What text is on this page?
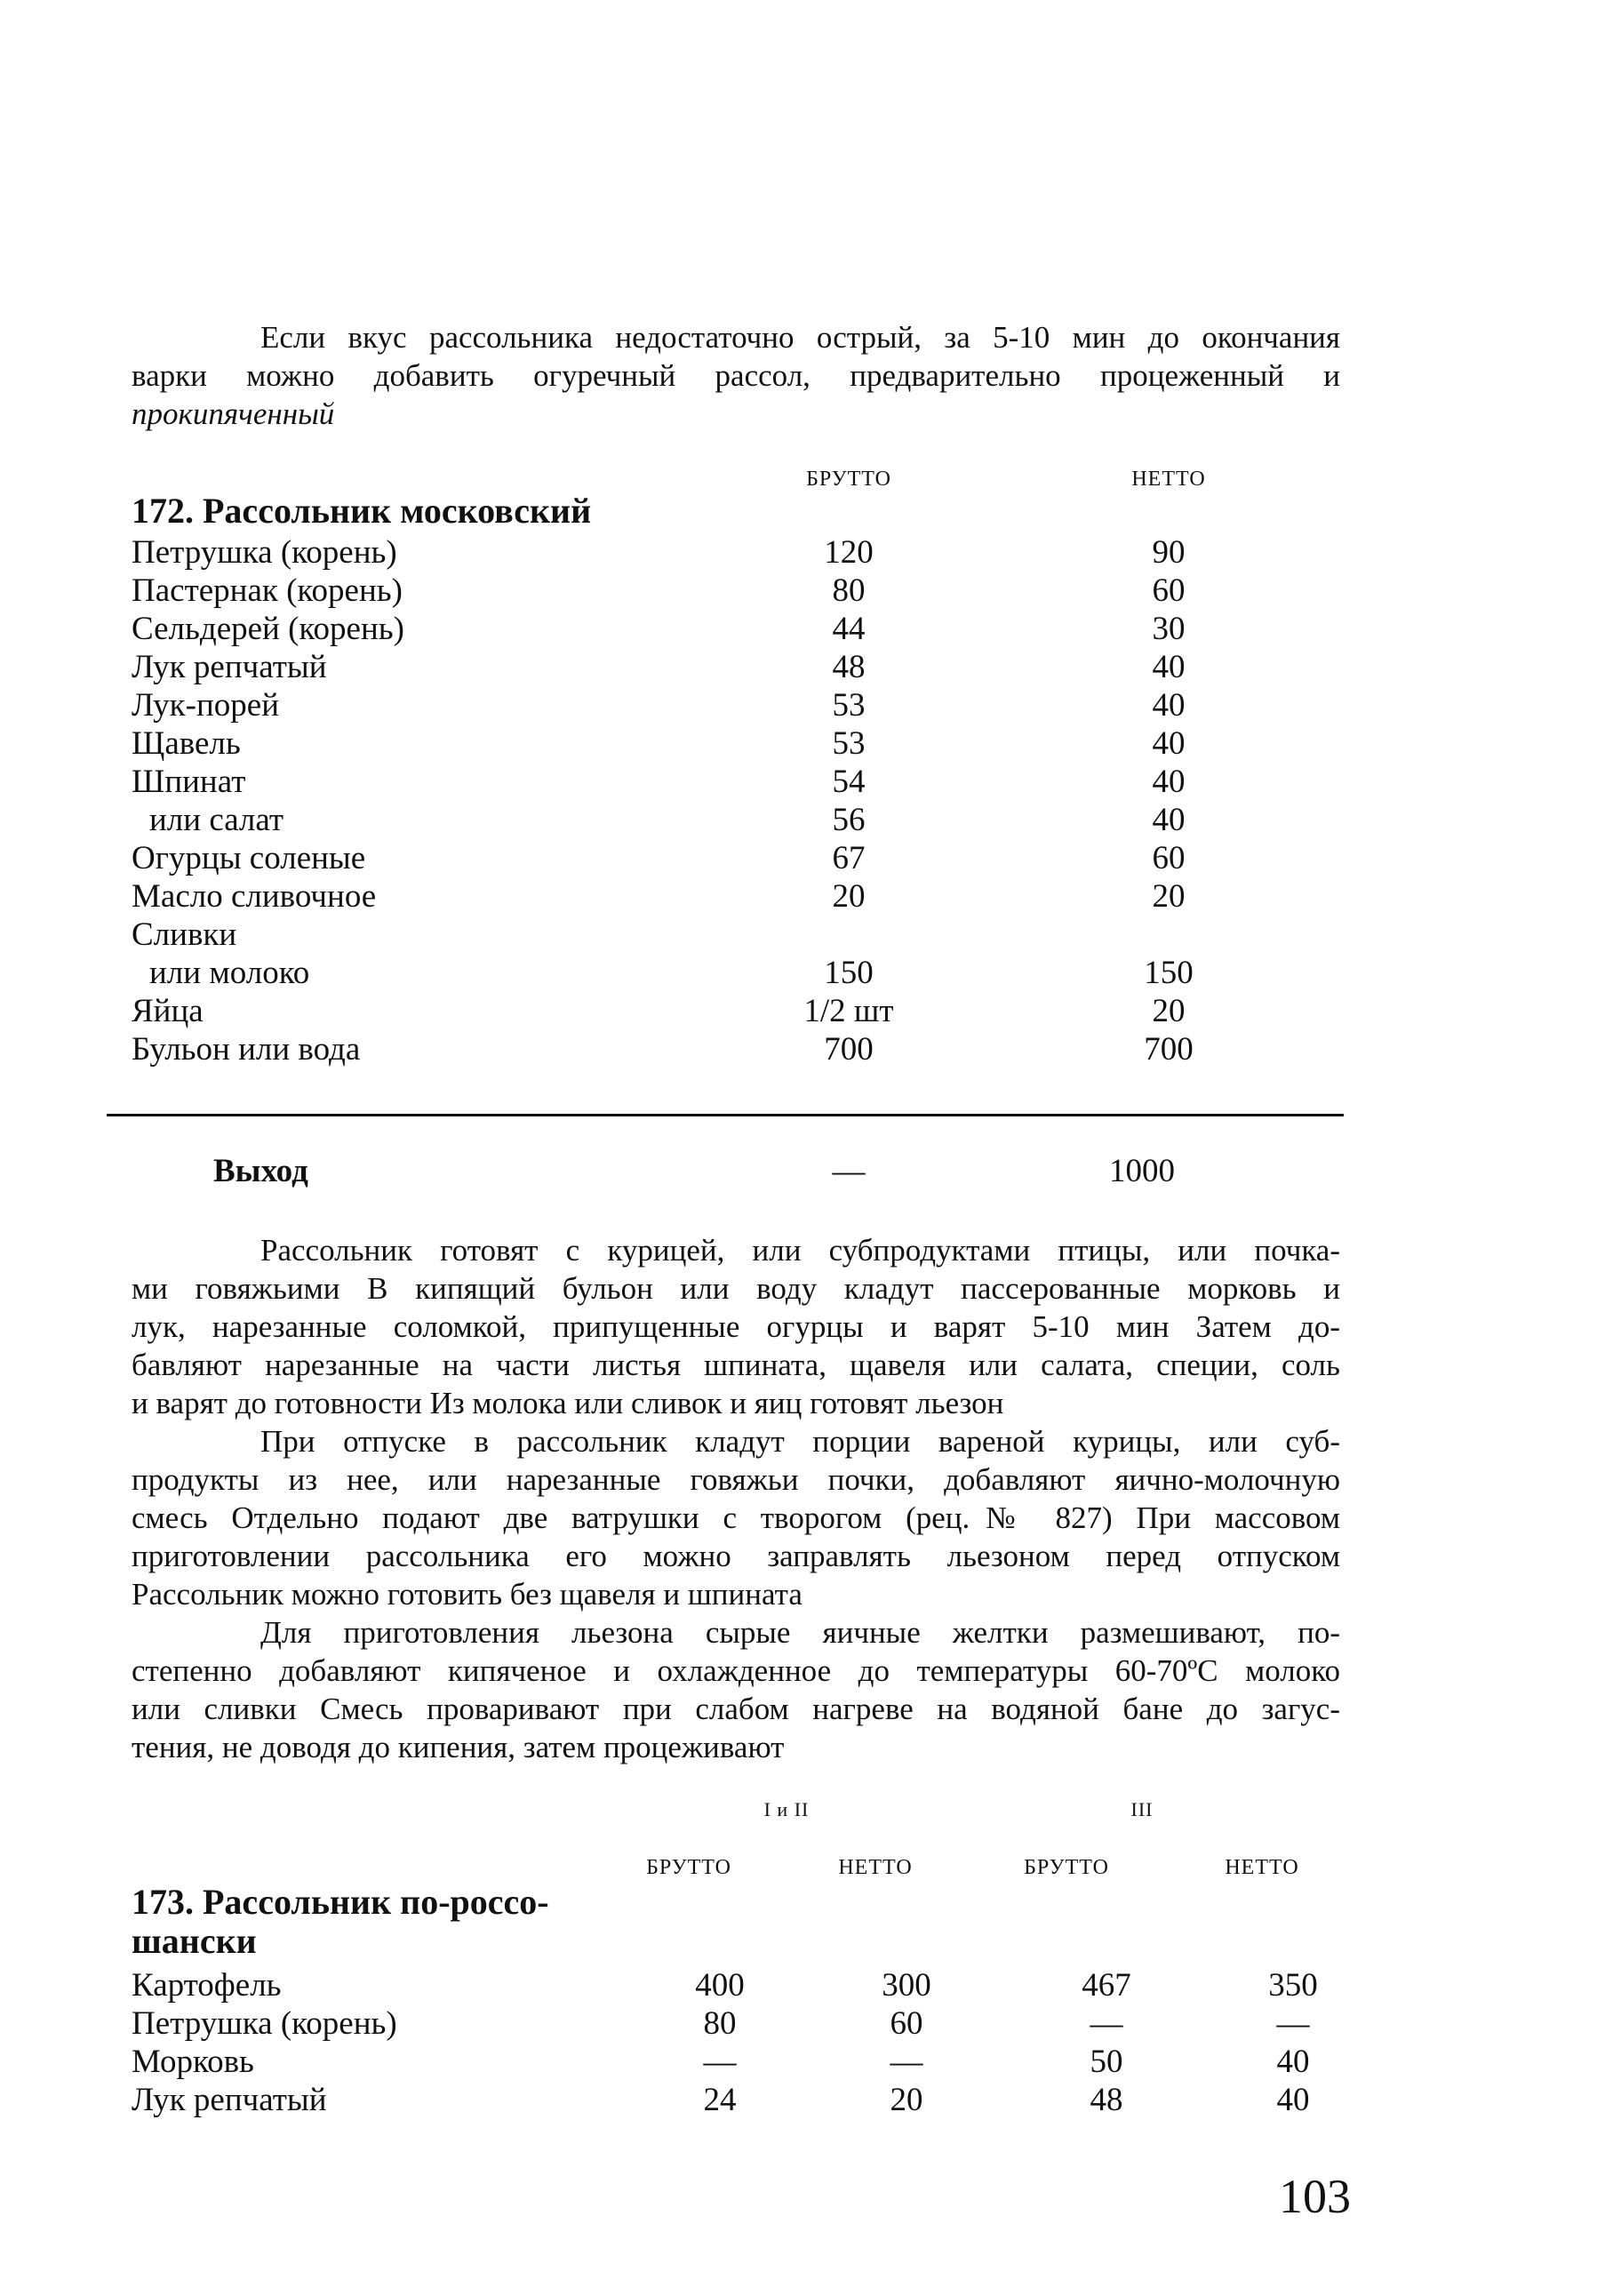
Если вкус рассольника недостаточно острый, за 5-10 мин до окончания
варки можно добавить огуречный рассол, предварительно процеженный и
прокипяченный
БРУТТО	НЕТТО
172. Рассольник московский
Петрушка (корень)	120	90
Пастернак (корень)	80	60
Сельдерей (корень)	44	30
Лук репчатый	48	40
Лук-порей	53	40
Щавель	53	40
Шпинат	54	40
или салат	56	40
Огурцы соленые	67	60
Масло сливочное	20	20
Сливки
или молоко	150	150
Яйца	1/2 шт	20
Бульон или вода	700	700
Выход	—	1000
Рассольник готовят с курицей, или субпродуктами птицы, или почка-
ми говяжьими В кипящий бульон или воду кладут пассерованные морковь и
лук, нарезанные соломкой, припущенные огурцы и варят 5-10 мин Затем до-
бавляют нарезанные на части листья шпината, щавеля или салата, специи, соль
и варят до готовности Из молока или сливок и яиц готовят льезон
При отпуске в рассольник кладут порции вареной курицы, или суб-
продукты из нее, или нарезанные говяжьи почки, добавляют яично-молочную
смесь Отдельно подают две ватрушки с творогом (рец.№ 827) При массовом
приготовлении рассольника его можно заправлять льезоном перед отпуском
Рассольник можно готовить без щавеля и шпината
Для приготовления льезона сырые яичные желтки размешивают, по-
степенно добавляют кипяченое и охлажденное до температуры 60-70ºС молоко
или сливки Смесь проваривают при слабом нагреве на водяной бане до загус-
тения, не доводя до кипения, затем процеживают
I и II	III
БРУТТО	НЕТТО	БРУТТО	НЕТТО
173. Рассольник по-россо-
шански
Картофель	400	300	467	350
Петрушка (корень)	80	60	—	—
Морковь	—	—	50	40
Лук репчатый	24	20	48	40
103
